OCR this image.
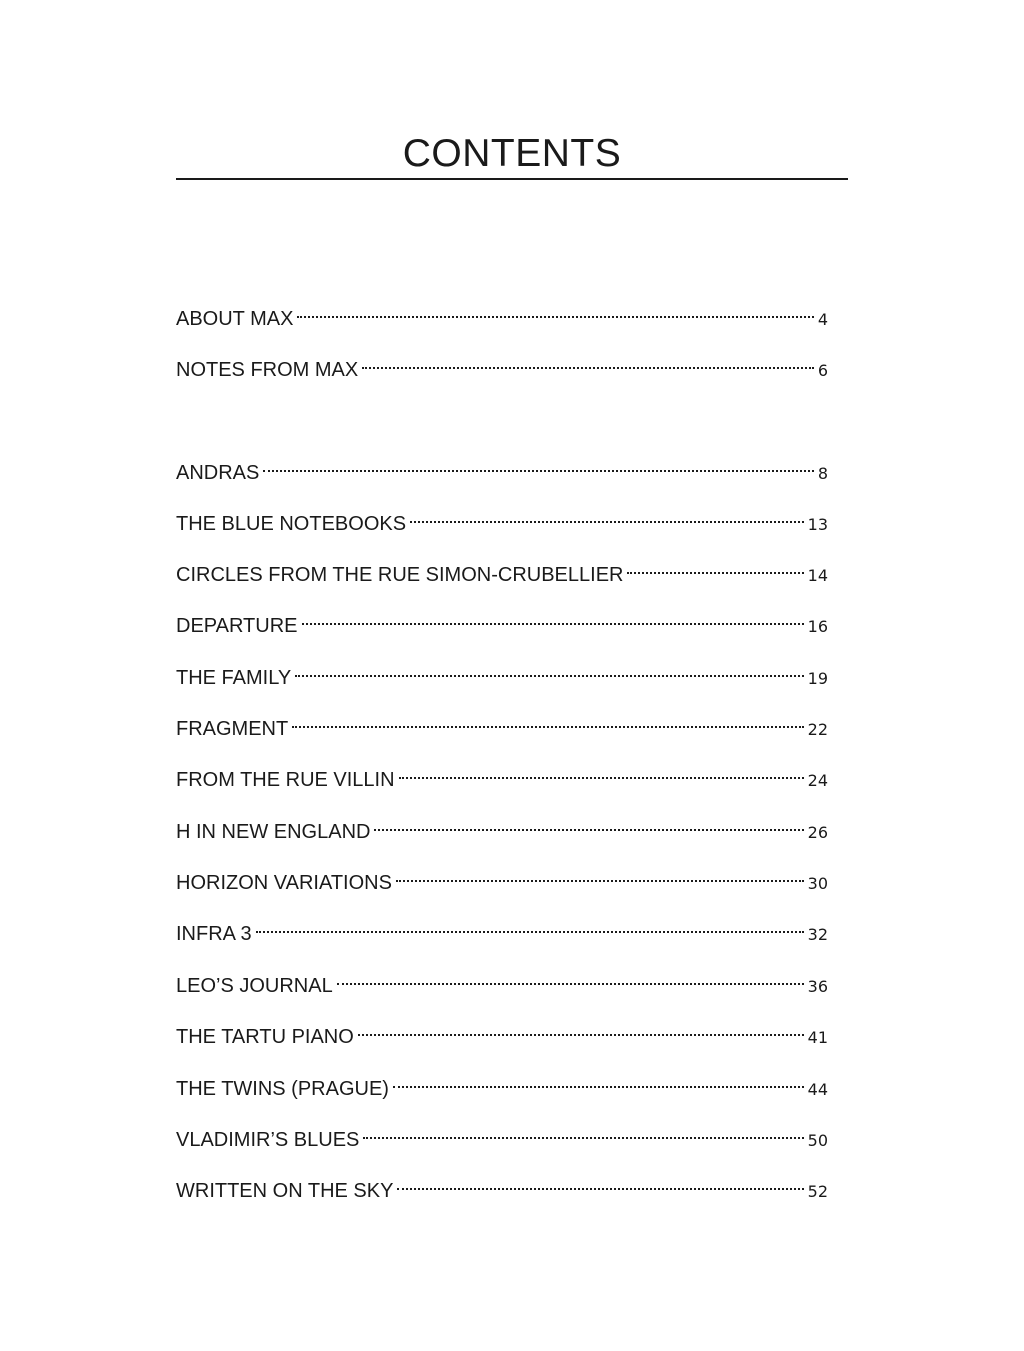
CONTENTS
ABOUT MAX	4
NOTES FROM MAX	6
ANDRAS	8
THE BLUE NOTEBOOKS	13
CIRCLES FROM THE RUE SIMON-CRUBELLIER	14
DEPARTURE	16
THE FAMILY	19
FRAGMENT	22
FROM THE RUE VILLIN	24
H IN NEW ENGLAND	26
HORIZON VARIATIONS	30
INFRA 3	32
LEO’S JOURNAL	36
THE TARTU PIANO	41
THE TWINS (PRAGUE)	44
VLADIMIR’S BLUES	50
WRITTEN ON THE SKY	52
